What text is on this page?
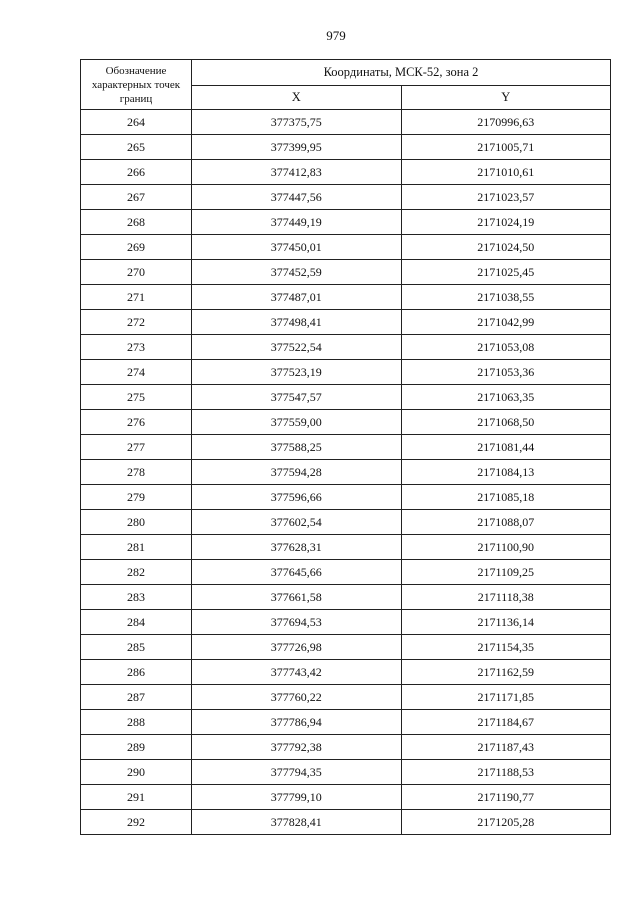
979
Обозначение характерных точек границ	Координаты, МСК-52, зона 2	
	X	Y
264	377375,75	2170996,63
265	377399,95	2171005,71
266	377412,83	2171010,61
267	377447,56	2171023,57
268	377449,19	2171024,19
269	377450,01	2171024,50
270	377452,59	2171025,45
271	377487,01	2171038,55
272	377498,41	2171042,99
273	377522,54	2171053,08
274	377523,19	2171053,36
275	377547,57	2171063,35
276	377559,00	2171068,50
277	377588,25	2171081,44
278	377594,28	2171084,13
279	377596,66	2171085,18
280	377602,54	2171088,07
281	377628,31	2171100,90
282	377645,66	2171109,25
283	377661,58	2171118,38
284	377694,53	2171136,14
285	377726,98	2171154,35
286	377743,42	2171162,59
287	377760,22	2171171,85
288	377786,94	2171184,67
289	377792,38	2171187,43
290	377794,35	2171188,53
291	377799,10	2171190,77
292	377828,41	2171205,28
